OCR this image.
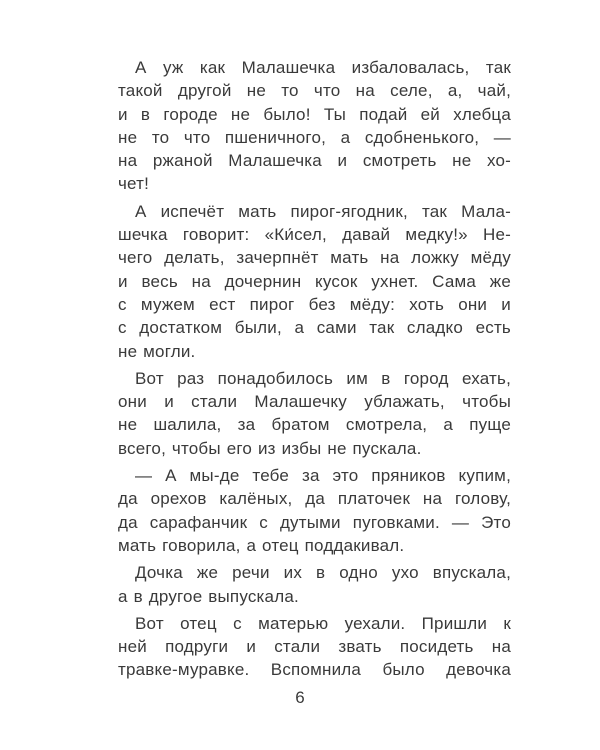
А уж как Малашечка избаловалась, так
такой другой не то что на селе, а, чай,
и в городе не было! Ты подай ей хлебца
не то что пшеничного, а сдобненького, —
на ржаной Малашечка и смотреть не хо-
чет!
А испечёт мать пирог-ягодник, так Мала-
шечка говорит: «Ки́сел, давай медку!» Не-
чего делать, зачерпнёт мать на ложку мёду
и весь на дочернин кусок ухнет. Сама же
с мужем ест пирог без мёду: хоть они и
с достатком были, а сами так сладко есть
не могли.
Вот раз понадобилось им в город ехать,
они и стали Малашечку ублажать, чтобы
не шалила, за братом смотрела, а пуще
всего, чтобы его из избы не пускала.
— А мы-де тебе за это пряников купим,
да орехов калёных, да платочек на голову,
да сарафанчик с дутыми пуговками. — Это
мать говорила, а отец поддакивал.
Дочка же речи их в одно ухо впускала,
а в другое выпускала.
Вот отец с матерью уехали. Пришли к
ней подруги и стали звать посидеть на
травке-муравке. Вспомнила было девочка
6
